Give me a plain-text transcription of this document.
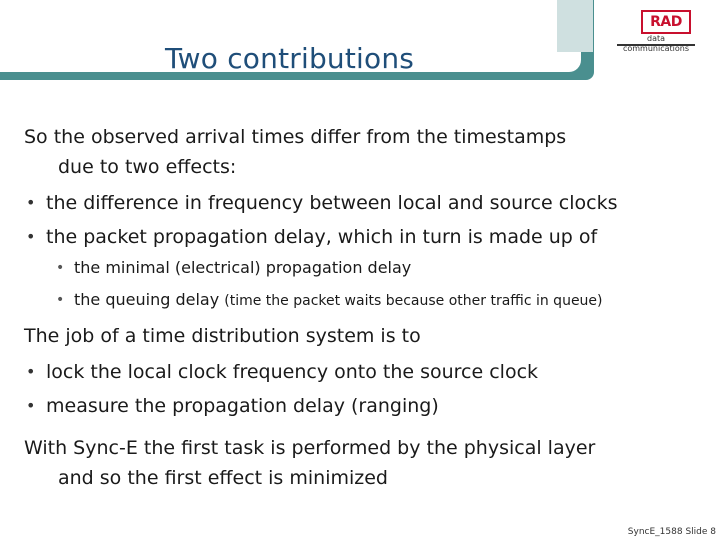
Two contributions
RAD
data communications

So the observed arrival times differ from the timestamps
due to two effects:

• the difference in frequency between local and source clocks
• the packet propagation delay, which in turn is made up of
• the minimal (electrical) propagation delay
• the queuing delay (time the packet waits because other traffic in queue)

The job of a time distribution system is to

• lock the local clock frequency onto the source clock
• measure the propagation delay (ranging)

With Sync-E the first task is performed by the physical layer
and so the first effect is minimized

SyncE_1588 Slide 8
